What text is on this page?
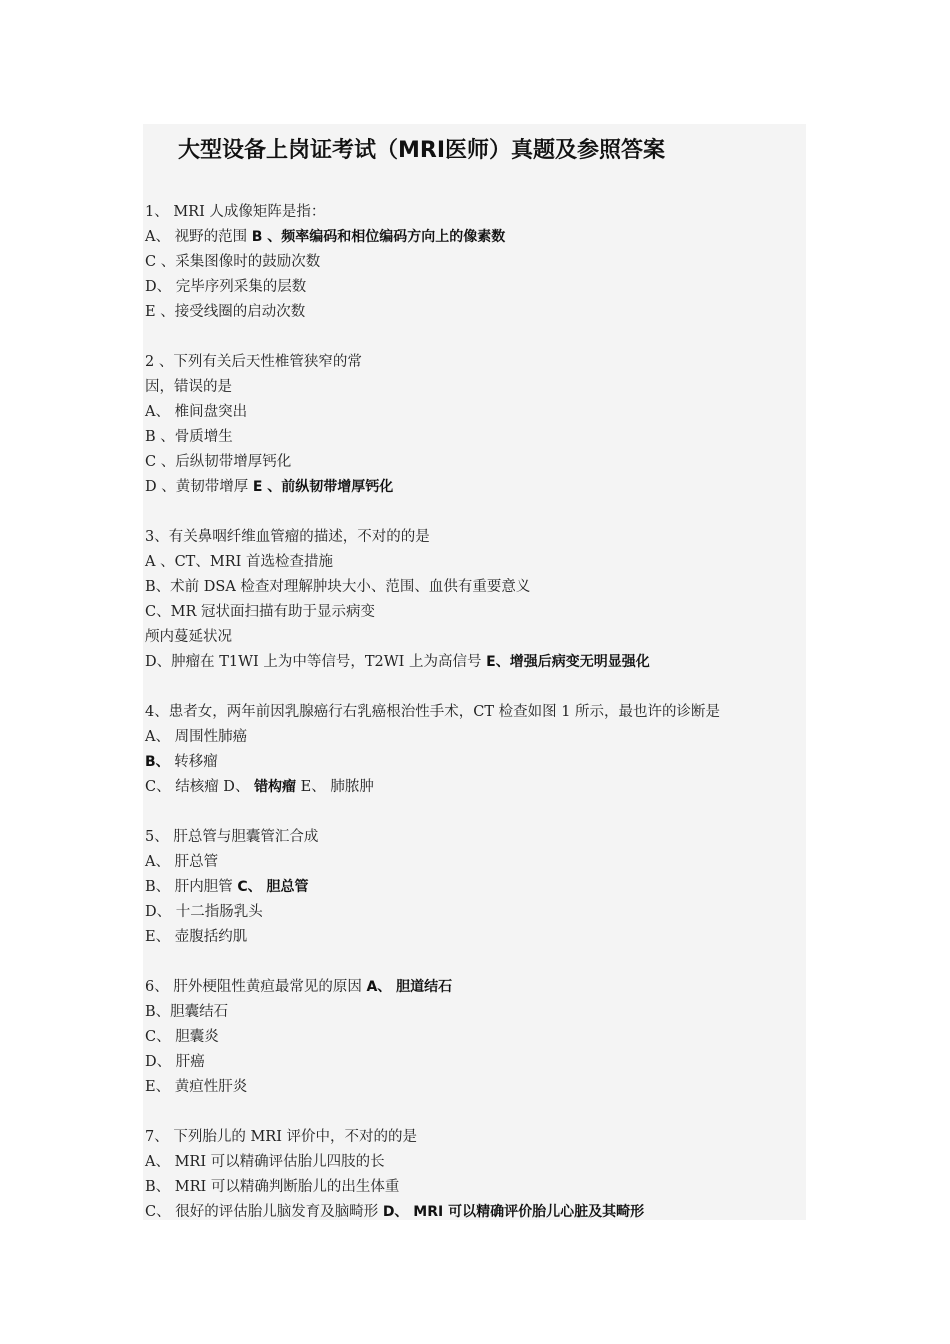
大型设备上岗证考试（MRI医师）真题及参照答案
1、 MRI 人成像矩阵是指：
A、 视野的范围 B 、频率编码和相位编码方向上的像素数
C 、采集图像时的鼓励次数
D、 完毕序列采集的层数
E 、接受线圈的启动次数
2 、下列有关后天性椎管狭窄的常
因，错误的是
A、 椎间盘突出
B 、骨质增生
C 、后纵韧带增厚钙化
D 、黄韧带增厚 E 、前纵韧带增厚钙化
3、有关鼻咽纤维血管瘤的描述，不对的的是
A 、CT、MRI 首选检查措施
B、术前 DSA 检查对理解肿块大小、范围、血供有重要意义
C、MR 冠状面扫描有助于显示病变
颅内蔓延状况
D、肿瘤在 T1WI 上为中等信号，T2WI 上为高信号 E、增强后病变无明显强化
4、患者女，两年前因乳腺癌行右乳癌根治性手术，CT 检查如图 1 所示，最也许的诊断是
A、 周围性肺癌
B、 转移瘤
C、 结核瘤 D、 错构瘤 E、 肺脓肿
5、 肝总管与胆囊管汇合成
A、 肝总管
B、 肝内胆管 C、 胆总管
D、 十二指肠乳头
E、 壶腹括约肌
6、 肝外梗阻性黄疸最常见的原因 A、 胆道结石
B、胆囊结石
C、 胆囊炎
D、 肝癌
E、 黄疸性肝炎
7、 下列胎儿的 MRI 评价中，不对的的是
A、 MRI 可以精确评估胎儿四肢的长
B、 MRI 可以精确判断胎儿的出生体重
C、 很好的评估胎儿脑发育及脑畸形 D、 MRI 可以精确评价胎儿心脏及其畸形
